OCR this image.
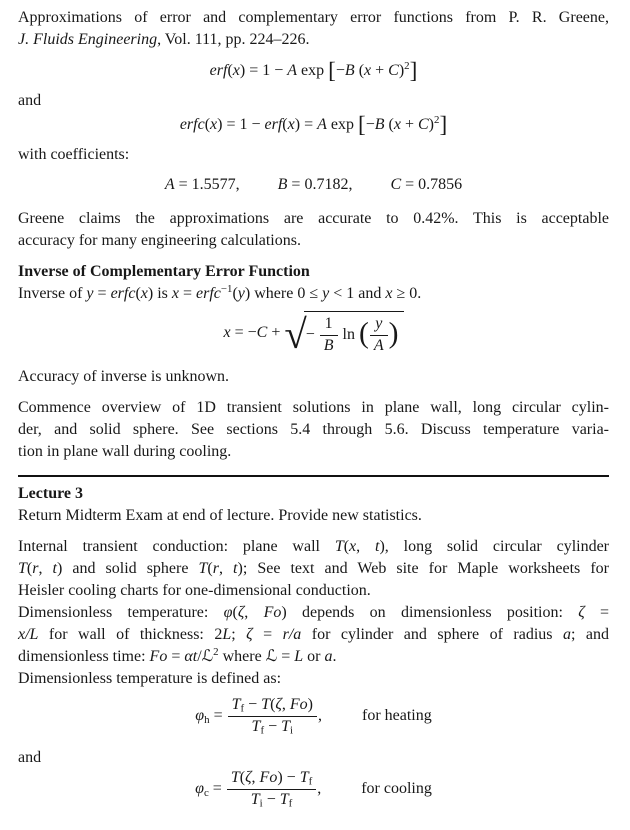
Approximations of error and complementary error functions from P. R. Greene,
J. Fluids Engineering, Vol. 111, pp. 224–226.
erf(x) = 1 − A exp [−B $(x + C)^2$]
and
erfc(x) = 1 − erf(x) = A exp [−B $(x + C)^2$]
with coefficients:
A = 1.5577, B = 0.7182, C = 0.7856
Greene claims the approximations are accurate to 0.42%. This is acceptable
accuracy for many engineering calculations.
Inverse of Complementary Error Function
Inverse of y = erfc(x) is x = erfc$^{-1}$(y) where 0 ≤ y < 1 and x ≥ 0.
x = −C + √ − $\frac{1}{B}$ ln ( $\frac{y}{A}$ )
Accuracy of inverse is unknown.
Commence overview of 1D transient solutions in plane wall, long circular cylin-
der, and solid sphere. See sections 5.4 through 5.6. Discuss temperature varia-
tion in plane wall during cooling.
Lecture 3
Return Midterm Exam at end of lecture. Provide new statistics.
Internal transient conduction: plane wall T(x, t), long solid circular cylinder
T(r, t) and solid sphere T(r, t); See text and Web site for Maple worksheets for
Heisler cooling charts for one-dimensional conduction.
Dimensionless temperature: φ(ζ, Fo) depends on dimensionless position: ζ =
x/L for wall of thickness: 2L; ζ = r/a for cylinder and sphere of radius a; and
dimensionless time: Fo = αt/ℒ$^2$ where ℒ = L or a.
Dimensionless temperature is defined as:
$\varphi_h = \frac{T_f - T(\zeta, Fo)}{T_f - T_i}$ ,	for heating
and
$\varphi_c = \frac{T(\zeta, Fo) - T_f}{T_i - T_f}$ ,	for cooling
